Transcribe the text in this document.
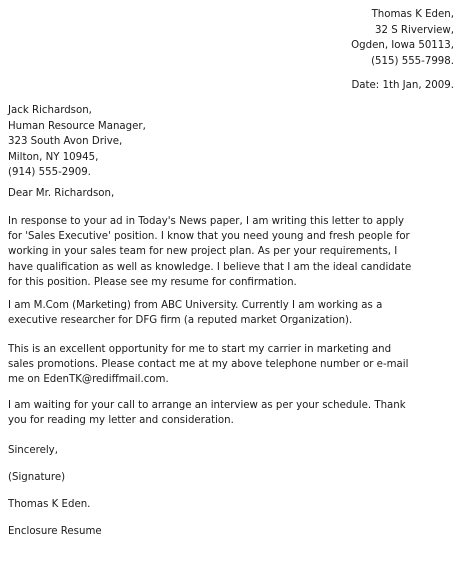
Thomas K Eden,
32 S Riverview,
Ogden, Iowa 50113,
(515) 555-7998.
Date: 1th Jan, 2009.
Jack Richardson,
Human Resource Manager,
323 South Avon Drive,
Milton, NY 10945,
(914) 555-2909.
Dear Mr. Richardson,
In response to your ad in Today's News paper, I am writing this letter to apply
for 'Sales Executive' position. I know that you need young and fresh people for
working in your sales team for new project plan. As per your requirements, I
have qualification as well as knowledge. I believe that I am the ideal candidate
for this position. Please see my resume for confirmation.
I am M.Com (Marketing) from ABC University. Currently I am working as a
executive researcher for DFG firm (a reputed market Organization).
This is an excellent opportunity for me to start my carrier in marketing and
sales promotions. Please contact me at my above telephone number or e-mail
me on EdenTK@rediffmail.com.
I am waiting for your call to arrange an interview as per your schedule. Thank
you for reading my letter and consideration.
Sincerely,
(Signature)
Thomas K Eden.
Enclosure Resume
